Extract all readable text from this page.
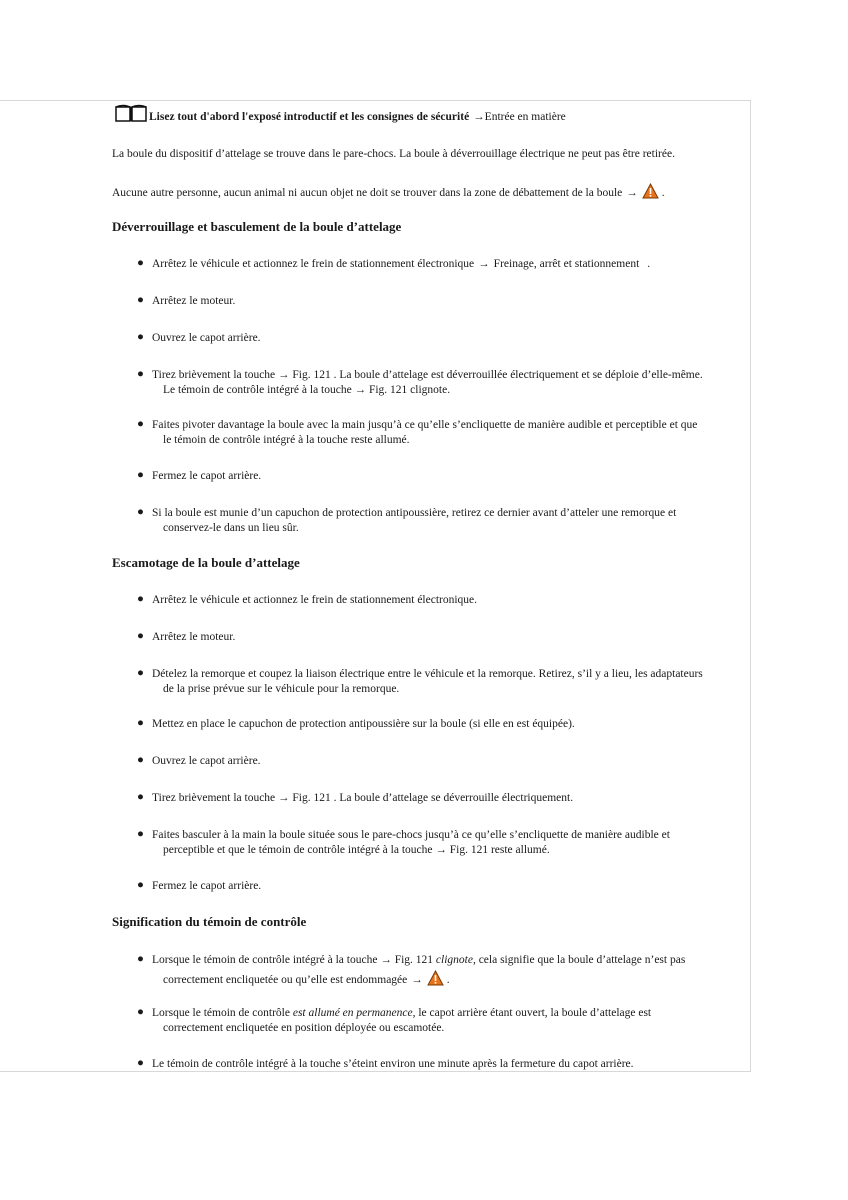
Lisez tout d'abord l'exposé introductif et les consignes de sécurité → Entrée en matière
La boule du dispositif d’attelage se trouve dans le pare-chocs. La boule à déverrouillage électrique ne peut pas être retirée.
Aucune autre personne, aucun animal ni aucun objet ne doit se trouver dans la zone de débattement de la boule → .
Déverrouillage et basculement de la boule d’attelage
● Arrêtez le véhicule et actionnez le frein de stationnement électronique → Freinage, arrêt et stationnement .
● Arrêtez le moteur.
● Ouvrez le capot arrière.
● Tirez brièvement la touche → Fig. 121 . La boule d’attelage est déverrouillée électriquement et se déploie d’elle-même.
Le témoin de contrôle intégré à la touche → Fig. 121 clignote.
● Faites pivoter davantage la boule avec la main jusqu’à ce qu’elle s’encliquette de manière audible et perceptible et que
le témoin de contrôle intégré à la touche reste allumé.
● Fermez le capot arrière.
● Si la boule est munie d’un capuchon de protection antipoussière, retirez ce dernier avant d’atteler une remorque et
conservez-le dans un lieu sûr.
Escamotage de la boule d’attelage
● Arrêtez le véhicule et actionnez le frein de stationnement électronique.
● Arrêtez le moteur.
● Dételez la remorque et coupez la liaison électrique entre le véhicule et la remorque. Retirez, s’il y a lieu, les adaptateurs
de la prise prévue sur le véhicule pour la remorque.
● Mettez en place le capuchon de protection antipoussière sur la boule (si elle en est équipée).
● Ouvrez le capot arrière.
● Tirez brièvement la touche → Fig. 121 . La boule d’attelage se déverrouille électriquement.
● Faites basculer à la main la boule située sous le pare-chocs jusqu’à ce qu’elle s’encliquette de manière audible et
perceptible et que le témoin de contrôle intégré à la touche → Fig. 121 reste allumé.
● Fermez le capot arrière.
Signification du témoin de contrôle
● Lorsque le témoin de contrôle intégré à la touche → Fig. 121 clignote, cela signifie que la boule d’attelage n’est pas
correctement encliquetée ou qu’elle est endommagée → .
● Lorsque le témoin de contrôle est allumé en permanence, le capot arrière étant ouvert, la boule d’attelage est
correctement encliquetée en position déployée ou escamotée.
● Le témoin de contrôle intégré à la touche s’éteint environ une minute après la fermeture du capot arrière.
